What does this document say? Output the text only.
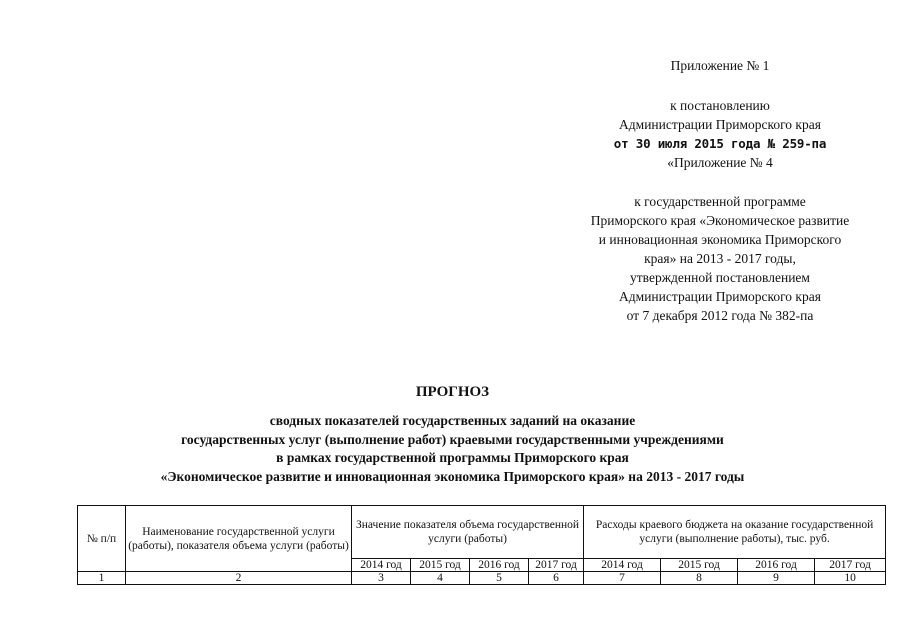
Приложение № 1
к постановлению
Администрации Приморского края
от 30 июля 2015 года № 259-па
«Приложение № 4
к государственной программе
Приморского края «Экономическое развитие
и инновационная экономика Приморского
края» на 2013 - 2017 годы,
утвержденной постановлением
Администрации Приморского края
от 7 декабря 2012 года № 382-па
ПРОГНОЗ
сводных показателей государственных заданий на оказание
государственных услуг (выполнение работ) краевыми государственными учреждениями
в рамках государственной программы Приморского края
«Экономическое развитие и инновационная экономика Приморского края» на 2013 - 2017 годы
№ п/п	Наименование государственной услуги (работы), показателя объема услуги (работы)	Значение показателя объема государственной услуги (работы)				Расходы краевого бюджета на оказание государственной услуги (выполнение работы), тыс. руб.			
		2014 год	2015 год	2016 год	2017 год	2014 год	2015 год	2016 год	2017 год
1	2	3	4	5	6	7	8	9	10
